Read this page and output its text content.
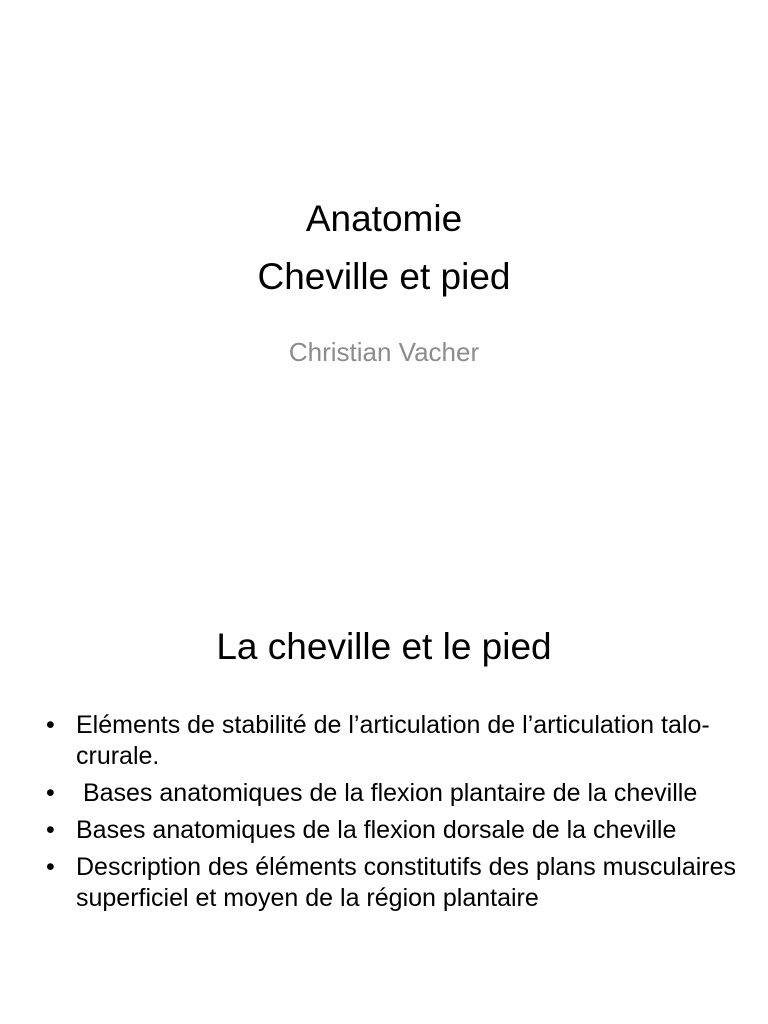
Anatomie
Cheville et pied
Christian Vacher
La cheville et le pied
• Eléments de stabilité de l’articulation de l’articulation talo-crurale.
• Bases anatomiques de la flexion plantaire de la cheville
• Bases anatomiques de la flexion dorsale de la cheville
• Description des éléments constitutifs des plans musculaires superficiel et moyen de la région plantaire
